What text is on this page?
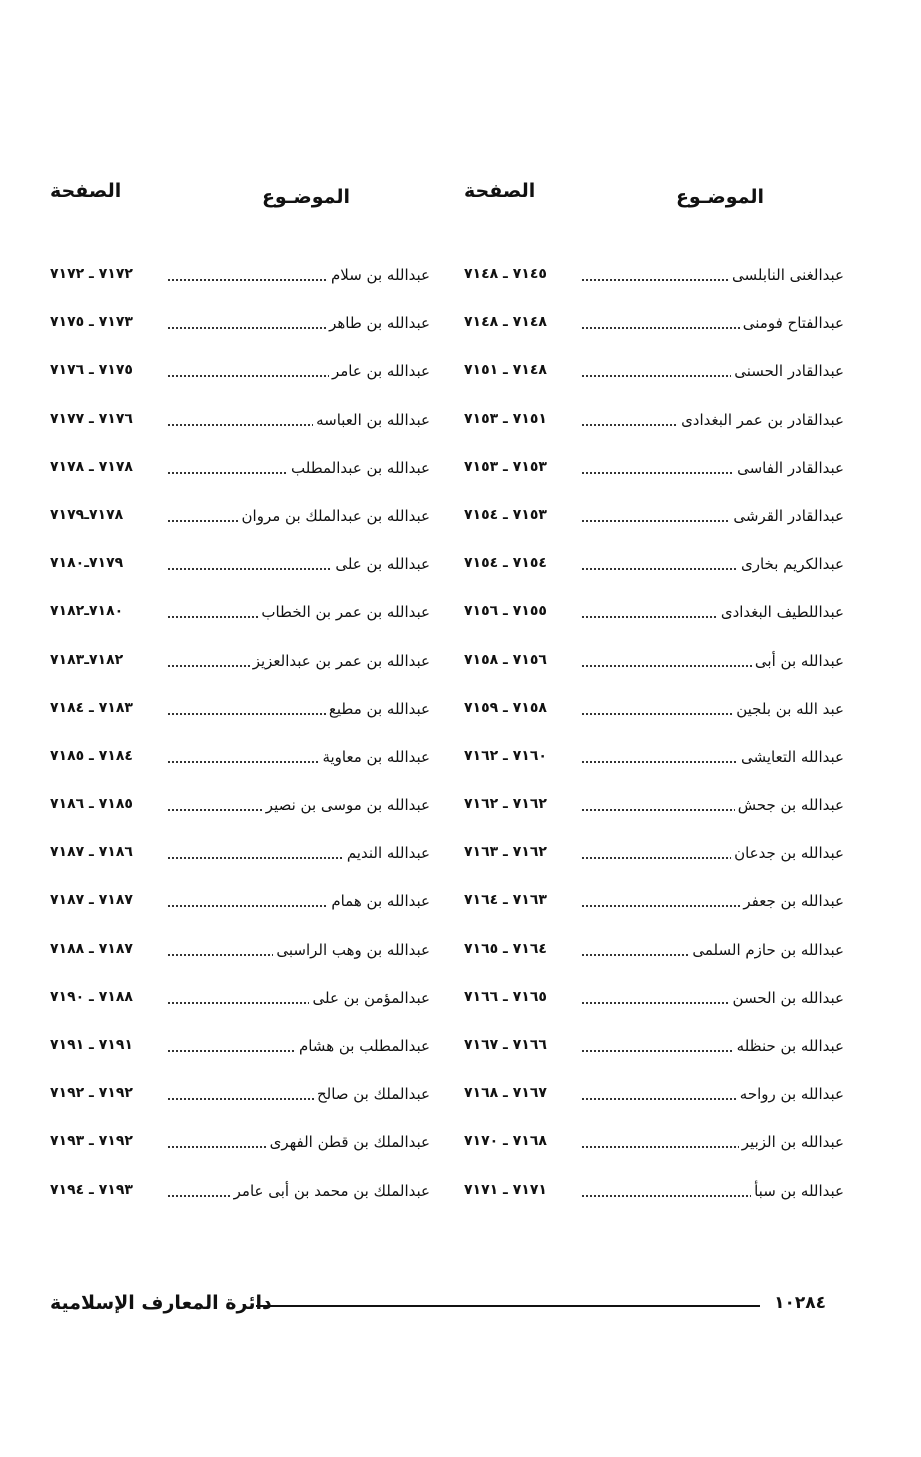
الموضـوع
الصفحة
عبدالغنى النابلسى
٧١٤٥ ـ ٧١٤٨
عبدالفتاح فومنى
٧١٤٨ ـ ٧١٤٨
عبدالقادر الحسنى
٧١٤٨ ـ ٧١٥١
عبدالقادر بن عمر البغدادى
٧١٥١ ـ ٧١٥٣
عبدالقادر الفاسى
٧١٥٣ ـ ٧١٥٣
عبدالقادر القرشى
٧١٥٣ ـ ٧١٥٤
عبدالكريم بخارى
٧١٥٤ ـ ٧١٥٤
عبداللطيف البغدادى
٧١٥٥ ـ ٧١٥٦
عبدالله بن أبى
٧١٥٦ ـ ٧١٥٨
عبد الله بن بلجين
٧١٥٨ ـ ٧١٥٩
عبدالله التعايشى
٧١٦٠ ـ ٧١٦٢
عبدالله بن جحش
٧١٦٢ ـ ٧١٦٢
عبدالله بن جدعان
٧١٦٢ ـ ٧١٦٣
عبدالله بن جعفر
٧١٦٣ ـ ٧١٦٤
عبدالله بن حازم السلمى
٧١٦٤ ـ ٧١٦٥
عبدالله بن الحسن
٧١٦٥ ـ ٧١٦٦
عبدالله بن حنظله
٧١٦٦ ـ ٧١٦٧
عبدالله بن رواحه
٧١٦٧ ـ ٧١٦٨
عبدالله بن الزبير
٧١٦٨ ـ ٧١٧٠
عبدالله بن سبأ
٧١٧١ ـ ٧١٧١
الموضـوع
الصفحة
عبدالله بن سلام
٧١٧٢ ـ ٧١٧٢
عبدالله بن طاهر
٧١٧٣ ـ ٧١٧٥
عبدالله بن عامر
٧١٧٥ ـ ٧١٧٦
عبدالله بن العباسه
٧١٧٦ ـ ٧١٧٧
عبدالله بن عبدالمطلب
٧١٧٨ ـ ٧١٧٨
عبدالله بن عبدالملك بن مروان
٧١٧٨ـ٧١٧٩
عبدالله بن على
٧١٧٩ـ٧١٨٠
عبدالله بن عمر بن الخطاب
٧١٨٠ـ٧١٨٢
عبدالله بن عمر بن عبدالعزيز
٧١٨٢ـ٧١٨٣
عبدالله بن مطيع
٧١٨٣ ـ ٧١٨٤
عبدالله بن معاوية
٧١٨٤ ـ ٧١٨٥
عبدالله بن موسى بن نصير
٧١٨٥ ـ ٧١٨٦
عبدالله النديم
٧١٨٦ ـ ٧١٨٧
عبدالله بن همام
٧١٨٧ ـ ٧١٨٧
عبدالله بن وهب الراسبى
٧١٨٧ ـ ٧١٨٨
عبدالمؤمن بن على
٧١٨٨ ـ ٧١٩٠
عبدالمطلب بن هشام
٧١٩١ ـ ٧١٩١
عبدالملك بن صالح
٧١٩٢ ـ ٧١٩٢
عبدالملك بن قطن الفهرى
٧١٩٢ ـ ٧١٩٣
عبدالملك بن محمد بن أبى عامر
٧١٩٣ ـ ٧١٩٤
دائرة المعارف الإسلامية	١٠٢٨٤
